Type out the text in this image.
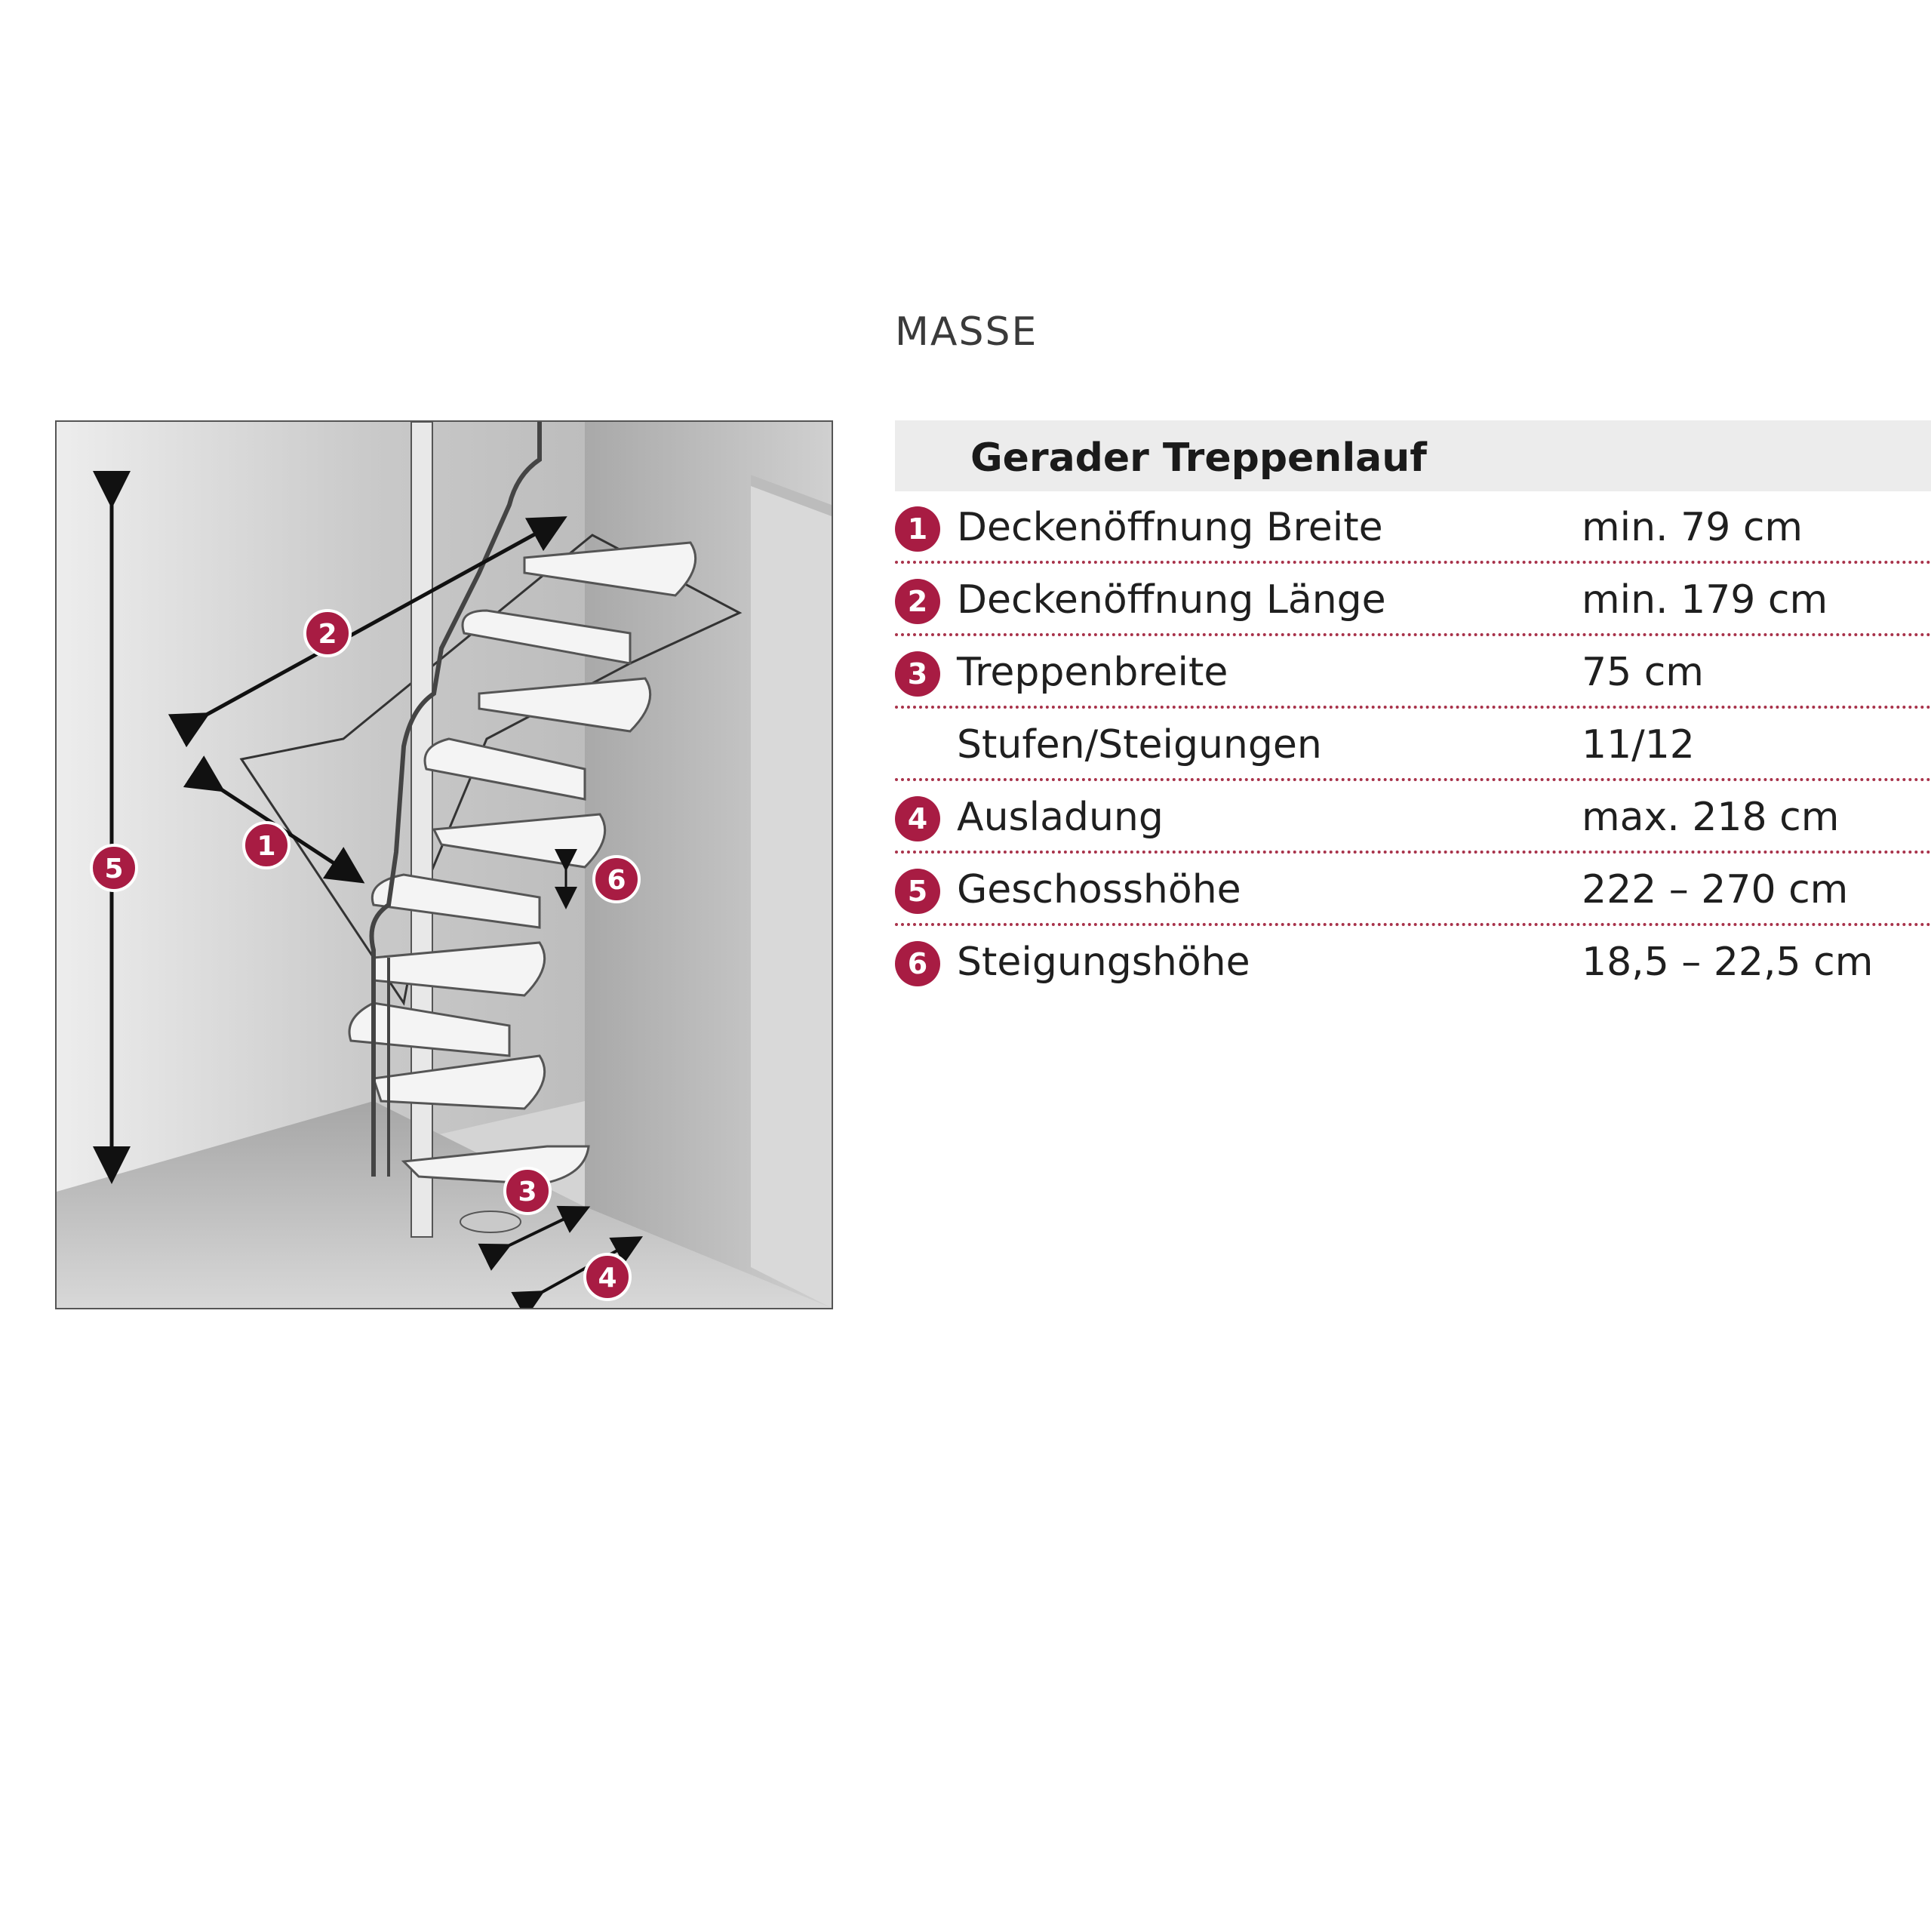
MASSE
5
2
1
6
3
4
Gerader Treppenlauf
1 Deckenöffnung Breite	min. 79 cm
2 Deckenöffnung Länge	min. 179 cm
3 Treppenbreite	75 cm
Stufen/Steigungen	11/12
4 Ausladung	max. 218 cm
5 Geschosshöhe	222 – 270 cm
6 Steigungshöhe	18,5 – 22,5 cm
